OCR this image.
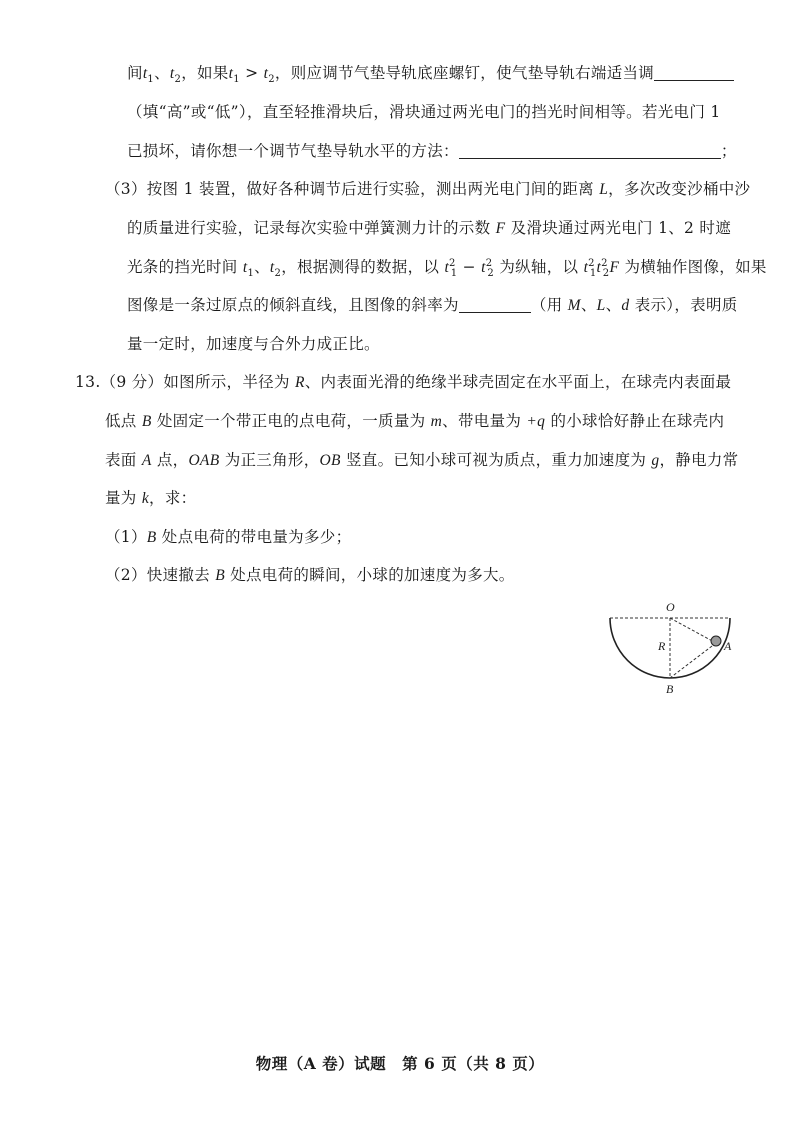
间$t_1$、$t_2$，如果$t_1 > t_2$，则应调节气垫导轨底座螺钉，使气垫导轨右端适当调
（填“高”或“低”），直至轻推滑块后，滑块通过两光电门的挡光时间相等。若光电门 1
已损坏，请你想一个调节气垫导轨水平的方法：	；
（3）按图 1 装置，做好各种调节后进行实验，测出两光电门间的距离 L，多次改变沙桶中沙
的质量进行实验，记录每次实验中弹簧测力计的示数 F 及滑块通过两光电门 1、2 时遮
光条的挡光时间 $t_1$、$t_2$，根据测得的数据，以 $t^2_1 - t^2_2$ 为纵轴，以 $t^2_1t^2_2F$ 为横轴作图像，如果
图像是一条过原点的倾斜直线，且图像的斜率为	（用 M、L、d 表示），表明质
量一定时，加速度与合外力成正比。
13.（9 分）如图所示，半径为 R、内表面光滑的绝缘半球壳固定在水平面上，在球壳内表面最
低点 B 处固定一个带正电的点电荷，一质量为 m、带电量为 +q 的小球恰好静止在球壳内
表面 A 点，OAB 为正三角形，OB 竖直。已知小球可视为质点，重力加速度为 g，静电力常
量为 k，求：
（1）B 处点电荷的带电量为多少；
（2）快速撤去 B 处点电荷的瞬间，小球的加速度为多大。
O
R	A
B
物理（A 卷）试题　第 6 页（共 8 页）
